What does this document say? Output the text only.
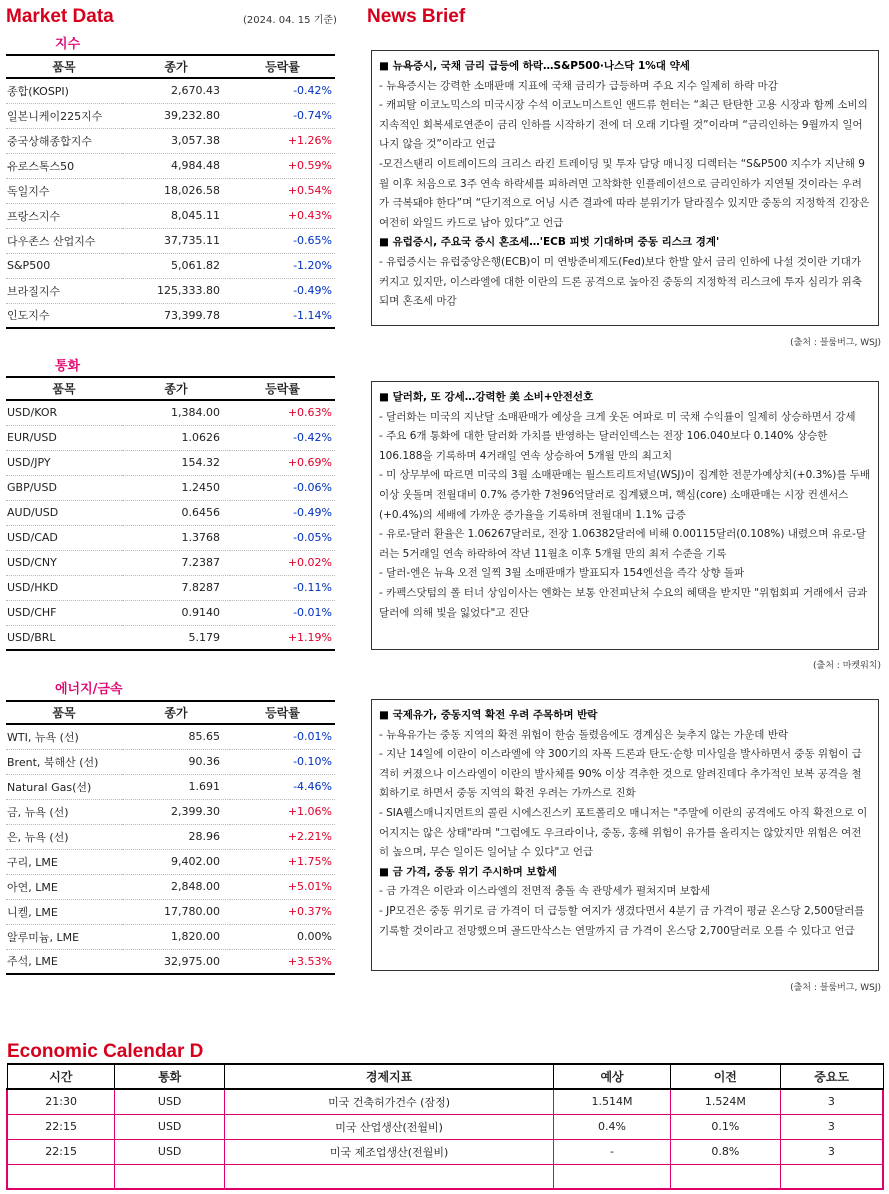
Market Data	(2024. 04. 15 기준) News Brief
지수
품목	종가	등락률
종합(KOSPI)	2,670.43	-0.42%
일본니케이225지수	39,232.80	-0.74%
중국상해종합지수	3,057.38	+1.26%
유로스톡스50	4,984.48	+0.59%
독일지수	18,026.58	+0.54%
프랑스지수	8,045.11	+0.43%
다우존스 산업지수	37,735.11	-0.65%
S&P500	5,061.82	-1.20%
브라질지수	125,333.80	-0.49%
인도지수	73,399.78	-1.14%
통화
품목	종가	등락률
USD/KOR	1,384.00	+0.63%
EUR/USD	1.0626	-0.42%
USD/JPY	154.32	+0.69%
GBP/USD	1.2450	-0.06%
AUD/USD	0.6456	-0.49%
USD/CAD	1.3768	-0.05%
USD/CNY	7.2387	+0.02%
USD/HKD	7.8287	-0.11%
USD/CHF	0.9140	-0.01%
USD/BRL	5.179	+1.19%
에너지/금속
품목	종가	등락률
WTI, 뉴욕 (선)	85.65	-0.01%
Brent, 북해산 (선)	90.36	-0.10%
Natural Gas(선)	1.691	-4.46%
금, 뉴욕 (선)	2,399.30	+1.06%
은, 뉴욕 (선)	28.96	+2.21%
구리, LME	9,402.00	+1.75%
아연, LME	2,848.00	+5.01%
니켈, LME	17,780.00	+0.37%
알루미늄, LME	1,820.00	0.00%
주석, LME	32,975.00	+3.53%

■ 뉴욕증시, 국채 금리 급등에 하락…S&P500·나스닥 1%대 약세

- 뉴욕증시는 강력한 소매판매 지표에 국채 금리가 급등하며 주요 지수 일제히 하락 마감

- 캐피탈 이코노믹스의 미국시장 수석 이코노미스트인 앤드류 헌터는 “최근 탄탄한 고용 시장과 함께 소비의 지속적인 회복세로연준이 금리 인하를 시작하기 전에 더 오래 기다릴 것”이라며 “금리인하는 9월까지 일어나지 않을 것”이라고 언급

-모건스탠리 이트레이드의 크리스 라킨 트레이딩 및 투자 담당 매니징 디렉터는 “S&P500 지수가 지난해 9월 이후 처음으로 3주 연속 하락세를 피하려면 고착화한 인플레이션으로 금리인하가 지연될 것이라는 우려가 극복돼야 한다”며 “단기적으로 어닝 시즌 결과에 따라 분위기가 달라질수 있지만 중동의 지정학적 긴장은 여전히 와일드 카드로 남아 있다”고 언급

■ 유럽증시, 주요국 증시 혼조세…'ECB 피벗 기대하며 중동 리스크 경계'

- 유럽증시는 유럽중앙은행(ECB)이 미 연방준비제도(Fed)보다 한발 앞서 금리 인하에 나설 것이란 기대가 커지고 있지만, 이스라엘에 대한 이란의 드론 공격으로 높아진 중동의 지정학적 리스크에 투자 심리가 위축되며 혼조세 마감

(출처 : 블룸버그, WSJ)

■ 달러화, 또 강세…강력한 美 소비+안전선호

- 달러화는 미국의 지난달 소매판매가 예상을 크게 웃돈 여파로 미 국채 수익률이 일제히 상승하면서 강세

- 주요 6개 통화에 대한 달러화 가치를 반영하는 달러인덱스는 전장 106.040보다 0.140% 상승한 106.188을 기록하며 4거래일 연속 상승하여 5개월 만의 최고치

- 미 상무부에 따르면 미국의 3월 소매판매는 월스트리트저널(WSJ)이 집계한 전문가예상치(+0.3%)를 두배 이상 웃돌며 전월대비 0.7% 증가한 7천96억달러로 집계됐으며, 핵심(core) 소매판매는 시장 컨센서스(+0.4%)의 세배에 가까운 증가율을 기록하며 전월대비 1.1% 급증

- 유로-달러 환율은 1.06267달러로, 전장 1.06382달러에 비해 0.00115달러(0.108%) 내렸으며 유로-달러는 5거래일 연속 하락하여 작년 11월초 이후 5개월 만의 최저 수준을 기록

- 달러-엔은 뉴욕 오전 일찍 3월 소매판매가 발표되자 154엔선을 즉각 상향 돌파

- 카펙스닷텀의 폴 터너 상임이사는 엔화는 보통 안전피난처 수요의 혜택을 받지만 "위험회피 거래에서 금과 달러에 의해 빛을 잃었다"고 진단

(출처 : 마켓워치)

■ 국제유가, 중동지역 확전 우려 주목하며 반락

- 뉴욕유가는 중동 지역의 확전 위험이 한숨 돌렸음에도 경계심은 늦추지 않는 가운데 반락

- 지난 14일에 이란이 이스라엘에 약 300기의 자폭 드론과 탄도·순항 미사일을 발사하면서 중동 위험이 급격히 커졌으나 이스라엘이 이란의 발사체를 90% 이상 격추한 것으로 알려진데다 추가적인 보복 공격을 철회하기로 하면서 중동 지역의 확전 우려는 가까스로 진화

- SIA웰스매니지먼트의 콜린 시에스진스키 포트폴리오 매니저는 "주말에 이란의 공격에도 아직 확전으로 이어지지는 않은 상태"라며 "그럼에도 우크라이나, 중동, 홍해 위험이 유가를 올리지는 않았지만 위험은 여전히 높으며, 무슨 일이든 일어날 수 있다"고 언급

■ 금 가격, 중동 위기 주시하며 보합세

- 금 가격은 이란과 이스라엘의 전면적 충돌 속 관망세가 펼쳐지며 보합세

- JP모건은 중동 위기로 금 가격이 더 급등할 여지가 생겼다면서 4분기 금 가격이 평균 온스당 2,500달러를 기록할 것이라고 전망했으며 골드만삭스는 연말까지 금 가격이 온스당 2,700달러로 오를 수 있다고 언급

(출처 : 블룸버그, WSJ)
Economic Calendar D
시간	통화	경제지표	예상	이전	중요도
21:30	USD	미국 건축허가건수 (잠정)	1.514M	1.524M	3
22:15	USD	미국 산업생산(전월비)	0.4%	0.1%	3
22:15	USD	미국 제조업생산(전월비)	-	0.8%	3
